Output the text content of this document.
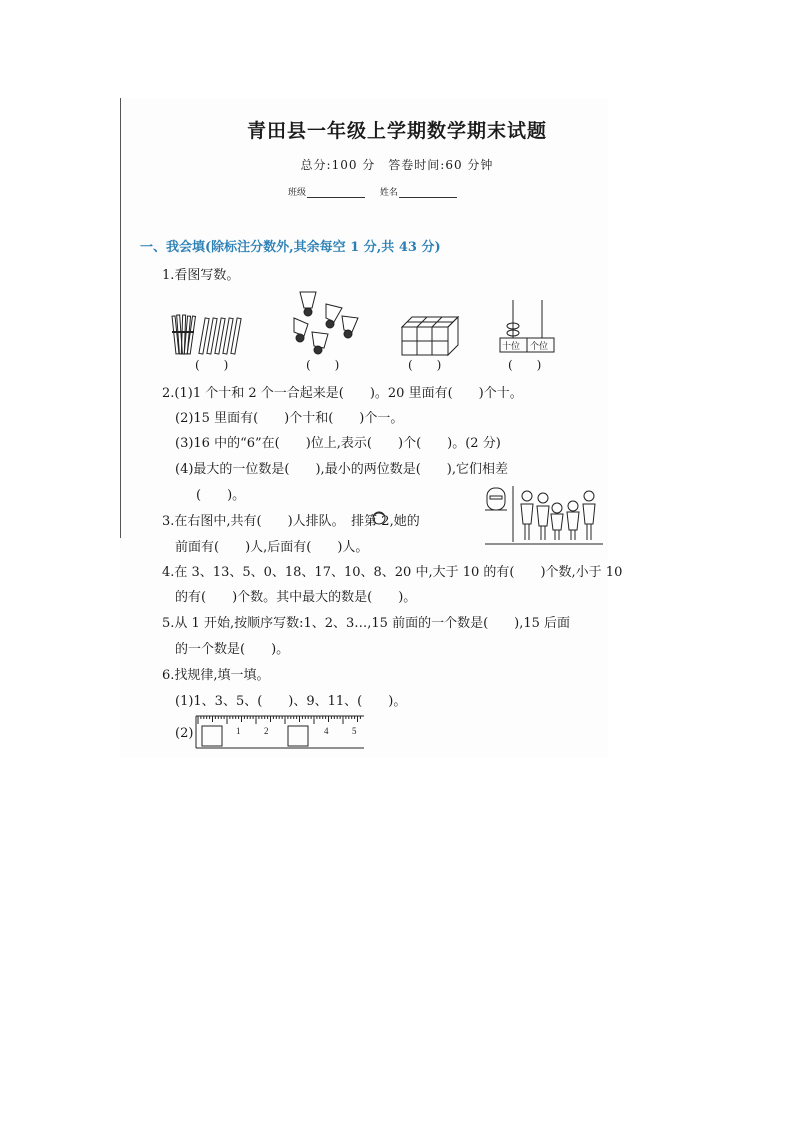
青田县一年级上学期数学期末试题
总分:100 分　答卷时间:60 分钟
班级	姓名
一、我会填(除标注分数外,其余每空 1 分,共 43 分)
1.看图写数。
十位 个位
(　　)	(　　)	(　　)	(　　)
2.(1)1 个十和 2 个一合起来是(　　)。20 里面有(　　)个十。
(2)15 里面有(　　)个十和(　　)个一。
(3)16 中的“6”在(　　)位上,表示(　　)个(　　)。(2 分)
(4)最大的一位数是(　　),最小的两位数是(　　),它们相差
(　　)。
3.在右图中,共有(　　)人排队。　排第 2,她的
前面有(　　)人,后面有(　　)人。
4.在 3、13、5、0、18、17、10、8、20 中,大于 10 的有(　　)个数,小于 10
的有(　　)个数。其中最大的数是(　　)。
5.从 1 开始,按顺序写数:1、2、3…,15 前面的一个数是(　　),15 后面
的一个数是(　　)。
6.找规律,填一填。
(1)1、3、5、(　　)、9、11、(　　)。
(2)	1	2	4	5
